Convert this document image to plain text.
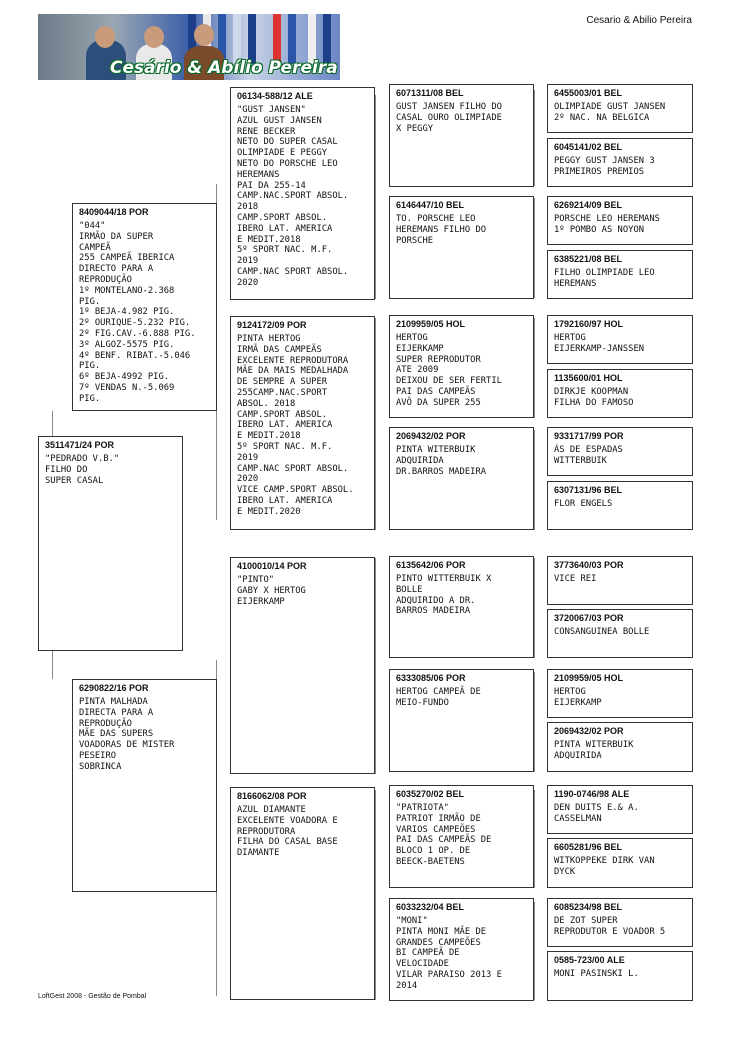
Cesário & Abílio Pereira
Cesario & Abilio Pereira
3511471/24 POR
"PEDRADO V.B."
FILHO DO
SUPER CASAL
8409044/18 POR
"044"
IRMÃO DA SUPER
CAMPEÃ
255 CAMPEÃ IBERICA
DIRECTO PARA A
REPRODUÇÃO
1º MONTELANO-2.368
PIG.
1º BEJA-4.982 PIG.
2º OURIQUE-5.232 PIG.
2º FIG.CAV.-6.888 PIG.
3º ALGOZ-5575 PIG.
4º BENF. RIBAT.-5.046
PIG.
6º BEJA-4992 PIG.
7º VENDAS N.-5.069
PIG.
6290822/16 POR
PINTA MALHADA
DIRECTA PARA A
REPRODUÇÃO
MÃE DAS SUPERS
VOADORAS DE MISTER
PESEIRO
SOBRINCA
06134-588/12 ALE
"GUST JANSEN"
AZUL GUST JANSEN
RENE BECKER
NETO DO SUPER CASAL
OLIMPIADE E PEGGY
NETO DO PORSCHE LEO
HEREMANS
PAI DA 255-14
CAMP.NAC.SPORT ABSOL.
2018
CAMP.SPORT ABSOL.
IBERO LAT. AMERICA
E MEDIT.2018
5º SPORT NAC. M.F.
2019
CAMP.NAC SPORT ABSOL.
2020
9124172/09 POR
PINTA HERTOG
IRMÃ DAS CAMPEÃS
EXCELENTE REPRODUTORA
MÃE DA MAIS MEDALHADA
DE SEMPRE A SUPER
255CAMP.NAC.SPORT
ABSOL. 2018
CAMP.SPORT ABSOL.
IBERO LAT. AMERICA
E MEDIT.2018
5º SPORT NAC. M.F.
2019
CAMP.NAC SPORT ABSOL.
2020
VICE CAMP.SPORT ABSOL.
IBERO LAT. AMERICA
E MEDIT.2020
4100010/14 POR
"PINTO"
GABY X HERTOG
EIJERKAMP
8166062/08 POR
AZUL DIAMANTE
EXCELENTE VOADORA E
REPRODUTORA
FILHA DO CASAL BASE
DIAMANTE
6071311/08 BEL
GUST JANSEN FILHO DO
CASAL OURO OLIMPIADE
X PEGGY
6146447/10 BEL
TO. PORSCHE LEO
HEREMANS FILHO DO
PORSCHE
2109959/05 HOL
HERTOG
EIJERKAMP
SUPER REPRODUTOR
ATE 2009
DEIXOU DE SER FERTIL
PAI DAS CAMPEÃS
AVÔ DA SUPER 255
2069432/02 POR
PINTA WITERBUIK
ADQUIRIDA
DR.BARROS MADEIRA
6135642/06 POR
PINTO WITTERBUIK X
BOLLE
ADQUIRIDO A DR.
BARROS MADEIRA
6333085/06 POR
HERTOG CAMPEÃ DE
MEIO-FUNDO
6035270/02 BEL
"PATRIOTA"
PATRIOT IRMÃO DE
VARIOS CAMPEÕES
PAI DAS CAMPEÃS DE
BLOCO 1 OP. DE
BEECK-BAETENS
6033232/04 BEL
"MONI"
PINTA MONI MÃE DE
GRANDES CAMPEÕES
BI CAMPEÃ DE
VELOCIDADE
VILAR PARAISO 2013 E
2014
6455003/01 BEL
OLIMPIADE GUST JANSEN
2º NAC. NA BELGICA
6045141/02 BEL
PEGGY GUST JANSEN 3
PRIMEIROS PREMIOS
6269214/09 BEL
PORSCHE LEO HEREMANS
1º POMBO AS NOYON
6385221/08 BEL
FILHO OLIMPIADE LEO
HEREMANS
1792160/97 HOL
HERTOG
EIJERKAMP-JANSSEN
1135600/01 HOL
DIRKJE KOOPMAN
FILHA DO FAMOSO
9331717/99 POR
ÁS DE ESPADAS
WITTERBUIK
6307131/96 BEL
FLOR ENGELS
3773640/03 POR
VICE REI
3720067/03 POR
CONSANGUINEA BOLLE
2109959/05 HOL
HERTOG
EIJERKAMP
2069432/02 POR
PINTA WITERBUIK
ADQUIRIDA
1190-0746/98 ALE
DEN DUITS E.& A.
CASSELMAN
6605281/96 BEL
WITKOPPEKE DIRK VAN
DYCK
6085234/98 BEL
DE ZOT SUPER
REPRODUTOR E VOADOR 5
0585-723/00 ALE
MONI PASINSKI L.
LoftGest 2008 - Gestão de Pombal
